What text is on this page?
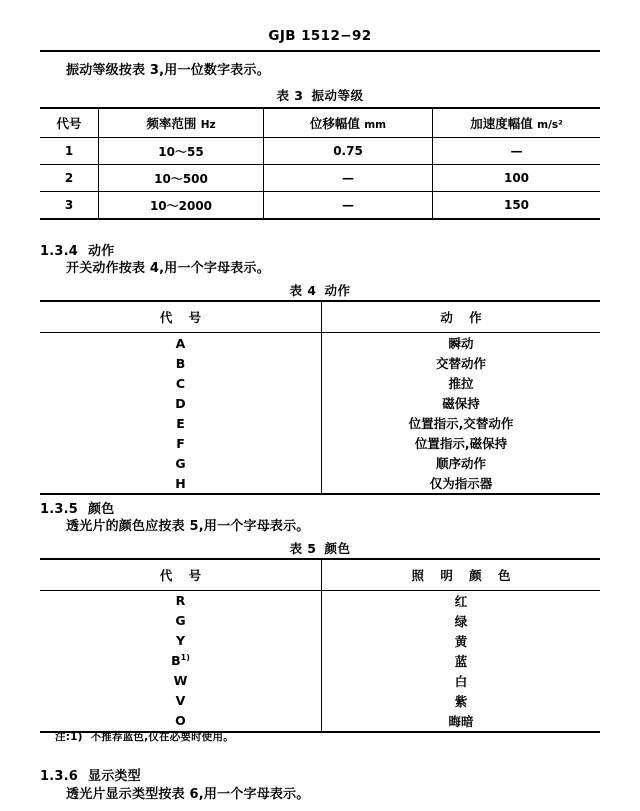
GJB 1512−92
振动等级按表 3,用一位数字表示。
表 3 振动等级
代号	频率范围 Hz	位移幅值 mm	加速度幅值 m/s²
1	10～55	0.75	—
2	10～500	—	100
3	10～2000	—	150
1.3.4 动作
开关动作按表 4,用一个字母表示。
表 4 动作
代 号	动 作
A	瞬动
B	交替动作
C	推拉
D	磁保持
E	位置指示,交替动作
F	位置指示,磁保持
G	顺序动作
H	仅为指示器
1.3.5 颜色
透光片的颜色应按表 5,用一个字母表示。
表 5 颜色
代 号	照 明 颜 色
R	红
G	绿
Y	黄
B$^{1)}$	蓝
W	白
V	紫
O	晦暗
注:1) 不推荐蓝色,仅在必要时使用。
1.3.6 显示类型
透光片显示类型按表 6,用一个字母表示。
